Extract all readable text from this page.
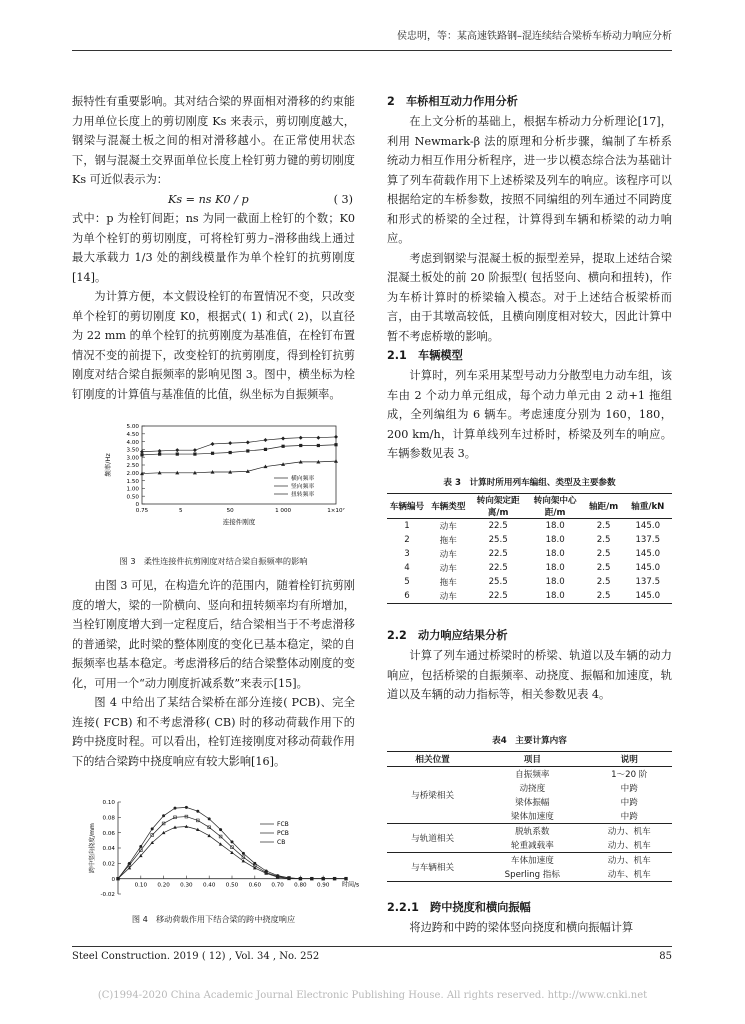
侯忠明，等：某高速铁路钢–混连续结合梁桥车桥动力响应分析

振特性有重要影响。其对结合梁的界面相对滑移的约束能力用单位长度上的剪切刚度 Ks 来表示，剪切刚度越大，钢梁与混凝土板之间的相对滑移越小。在正常使用状态下，钢与混凝土交界面单位长度上栓钉剪力键的剪切刚度 Ks 可近似表示为：

Ks = ns K0 / p	( 3)

式中：p 为栓钉间距；ns 为同一截面上栓钉的个数；K0 为单个栓钉的剪切刚度，可将栓钉剪力–滑移曲线上通过最大承载力 1/3 处的割线模量作为单个栓钉的抗剪刚度[14]。

为计算方便，本文假设栓钉的布置情况不变，只改变单个栓钉的剪切刚度 K0，根据式( 1) 和式( 2)，以直径为 22 mm 的单个栓钉的抗剪刚度为基准值，在栓钉布置情况不变的前提下，改变栓钉的抗剪刚度，得到栓钉抗剪刚度对结合梁自振频率的影响见图 3。图中，横坐标为栓钉刚度的计算值与基准值的比值，纵坐标为自振频率。

0
0.50
1.00
1.50
2.00
2.50
3.00
3.50
4.00
4.50
5.00
0.75	5	50	1 000	1×10⁷
连接件刚度
频率/Hz
横向频率
竖向频率
扭转频率
图 3　柔性连接件抗剪刚度对结合梁自振频率的影响

由图 3 可见，在构造允许的范围内，随着栓钉抗剪刚度的增大，梁的一阶横向、竖向和扭转频率均有所增加，当栓钉刚度增大到一定程度后，结合梁相当于不考虑滑移的普通梁，此时梁的整体刚度的变化已基本稳定，梁的自振频率也基本稳定。考虑滑移后的结合梁整体动刚度的变化，可用一个“动力刚度折减系数”来表示[15]。

图 4 中给出了某结合梁桥在部分连接( PCB)、完全连接( FCB) 和不考虑滑移( CB) 时的移动荷载作用下的跨中挠度时程。可以看出，栓钉连接刚度对移动荷载作用下的结合梁跨中挠度响应有较大影响[16]。

-0.02
0
0.02
0.04
0.06
0.08
0.10
0.10 0.20 0.30 0.40 0.50 0.60 0.70 0.80 0.90 时间/s
跨中竖向挠度/mm	FCB
PCB
CB
图 4　移动荷载作用下结合梁的跨中挠度响应

2　车桥相互动力作用分析

在上文分析的基础上，根据车桥动力分析理论[17]，利用 Newmark-β 法的原理和分析步骤，编制了车桥系统动力相互作用分析程序，进一步以模态综合法为基础计算了列车荷载作用下上述桥梁及列车的响应。该程序可以根据给定的车桥参数，按照不同编组的列车通过不同跨度和形式的桥梁的全过程，计算得到车辆和桥梁的动力响应。

考虑到钢梁与混凝土板的振型差异，提取上述结合梁混凝土板处的前 20 阶振型( 包括竖向、横向和扭转)，作为车桥计算时的桥梁输入模态。对于上述结合板梁桥而言，由于其墩高较低，且横向刚度相对较大，因此计算中暂不考虑桥墩的影响。

2.1　车辆模型

计算时，列车采用某型号动力分散型电力动车组，该车由 2 个动力单元组成，每个动力单元由 2 动+1 拖组成，全列编组为 6 辆车。考虑速度分别为 160，180，200 km/h，计算单线列车过桥时，桥梁及列车的响应。车辆参数见表 3。

表 3　计算时所用列车编组、类型及主要参数
车辆编号	车辆类型	转向架定距离/m	转向架中心距/m	轴距/m	轴重/kN
1	动车	22.5	18.0	2.5	145.0
2	拖车	25.5	18.0	2.5	137.5
3	动车	22.5	18.0	2.5	145.0
4	动车	22.5	18.0	2.5	145.0
5	拖车	25.5	18.0	2.5	137.5
6	动车	22.5	18.0	2.5	145.0

2.2　动力响应结果分析

计算了列车通过桥梁时的桥梁、轨道以及车辆的动力响应，包括桥梁的自振频率、动挠度、振幅和加速度，轨道以及车辆的动力指标等，相关参数见表 4。

表4　主要计算内容
相关位置	项目	说明
与桥梁相关	自振频率	1～20 阶
	动挠度	中跨
	梁体振幅	中跨
	梁体加速度	中跨
与轨道相关	脱轨系数	动力、机车
	轮重减载率	动力、机车
与车辆相关	车体加速度	动力、机车
	Sperling 指标	动车、机车

2.2.1　跨中挠度和横向振幅

将边跨和中跨的梁体竖向挠度和横向振幅计算

Steel Construction. 2019 ( 12) , Vol. 34 , No. 252	85
(C)1994-2020 China Academic Journal Electronic Publishing House. All rights reserved. http://www.cnki.net
